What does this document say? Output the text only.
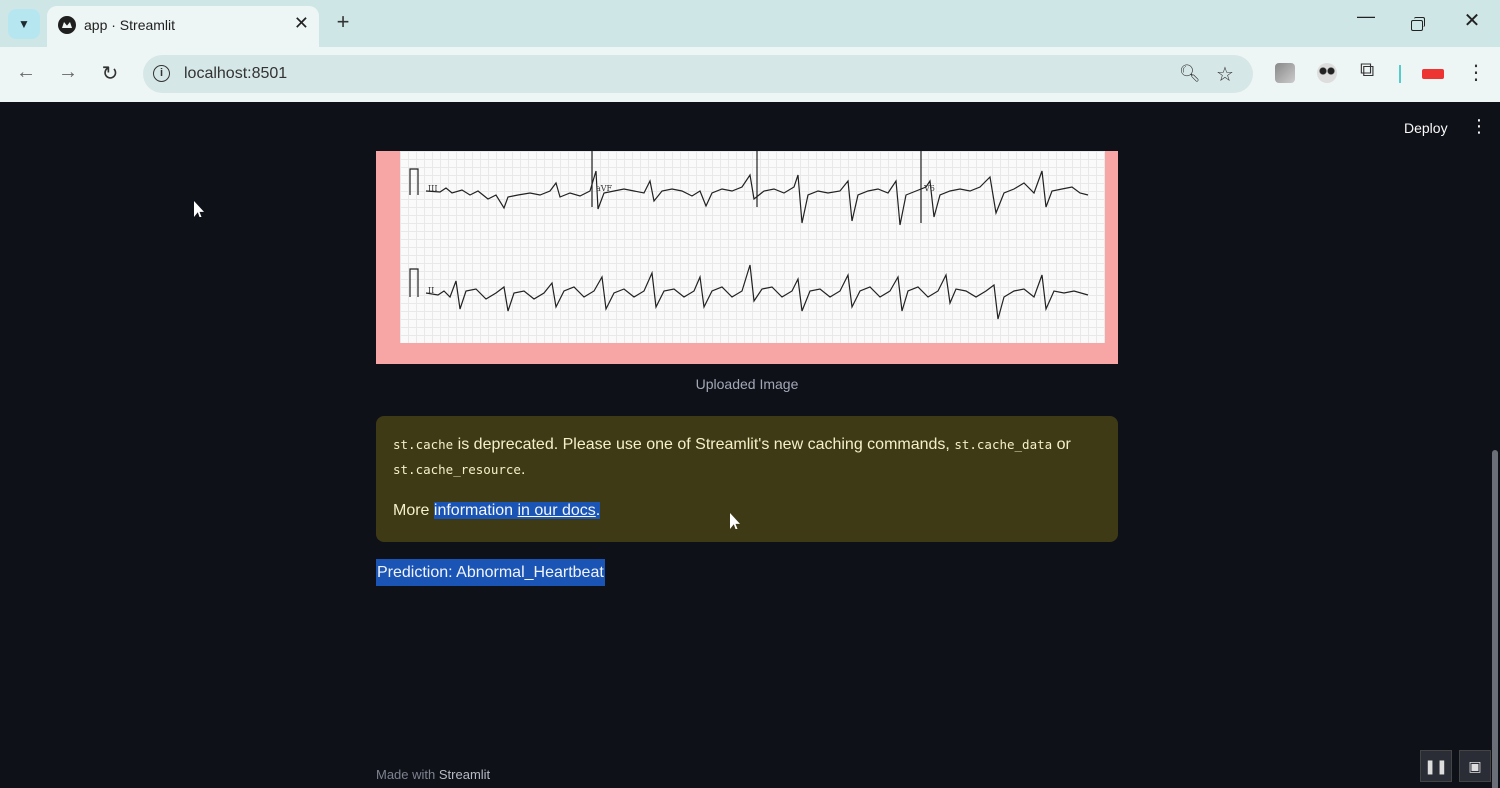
▼	app · Streamlit	✕ +	—	✕
← → ↻	i	localhost:8501	🔍︎ ☆	⧉	⋮
Deploy	⋮
III	aVF	V6
II
Uploaded Image
st.cache is deprecated. Please use one of Streamlit's new caching commands, st.cache_data or
st.cache_resource.
More information in our docs.
Prediction: Abnormal_Heartbeat
Made with Streamlit
❚❚	▣
